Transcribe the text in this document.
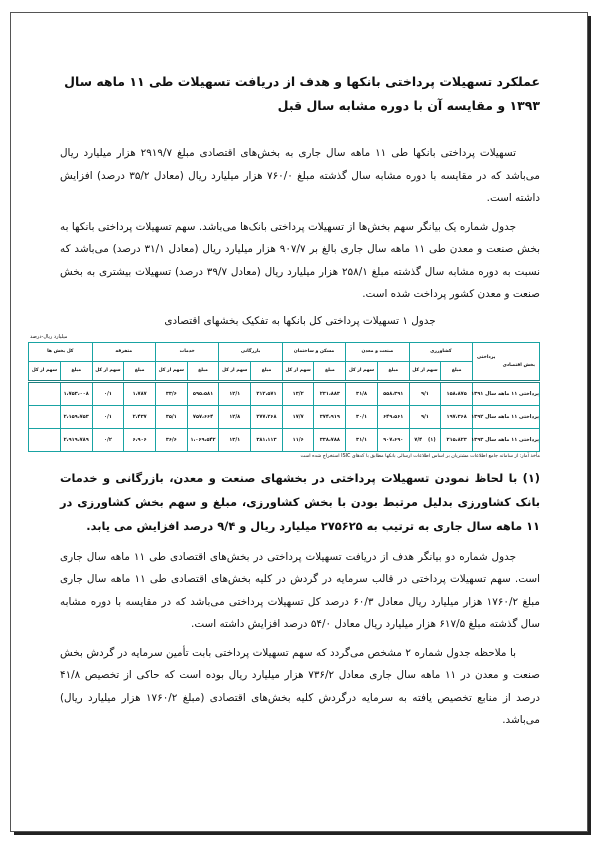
عملکرد تسهیلات پرداختی بانکها و هدف از دریافت تسهیلات طی ۱۱ ماهه سال ۱۳۹۳ و مقایسه آن با دوره مشابه سال قبل

تسهیلات پرداختی بانکها طی ۱۱ ماهه سال جاری به بخش‌های اقتصادی مبلغ ۲۹۱۹/۷ هزار میلیارد ریال می‌باشد که در مقایسه با دوره مشابه سال گذشته مبلغ ۷۶۰/۰ هزار میلیارد ریال (معادل ۳۵/۲ درصد) افزایش داشته است.

جدول شماره یک بیانگر سهم بخش‌ها از تسهیلات پرداختی بانک‌ها می‌باشد. سهم تسهیلات پرداختی بانکها به بخش صنعت و معدن طی ۱۱ ماهه سال جاری بالغ بر ۹۰۷/۷ هزار میلیارد ریال (معادل ۳۱/۱ درصد) می‌باشد که نسبت به دوره مشابه سال گذشته مبلغ ۲۵۸/۱ هزار میلیارد ریال (معادل ۳۹/۷ درصد) تسهیلات بیشتری به بخش صنعت و معدن کشور پرداخت شده است.

جدول ۱ تسهیلات پرداختی کل بانکها به تفکیک بخشهای اقتصادی

میلیارد ریال-درصد
پرداختی
بخش اقتصادی	کشاورزی		صنعت و معدن		مسکن و ساختمان		بازرگانی		خدمات		متفرقه		کل بخش ها	
	مبلغ	سهم از کل	مبلغ	سهم از کل	مبلغ	سهم از کل	مبلغ	سهم از کل	مبلغ	سهم از کل	مبلغ	سهم از کل	مبلغ	سهم از کل
پرداختی ۱۱ ماهه سال ۱۳۹۱	۱۵۸،۸۷۵	۹/۱	۵۵۸،۳۹۱	۳۱/۸	۲۳۱،۸۸۳	۱۳/۲	۲۱۲،۵۷۱	۱۲/۱	۵۹۵،۵۸۱	۳۳/۶	۱،۷۸۷	۰/۱	۱،۷۵۳،۰۰۸	
پرداختی ۱۱ ماهه سال ۱۳۹۲	۱۹۷،۳۶۸	۹/۱	۶۴۹،۵۶۱	۳۰/۱	۳۷۴،۹۱۹	۱۷/۷	۲۷۷،۲۶۸	۱۲/۸	۷۵۷،۶۶۴	۳۵/۱	۲،۴۳۷	۰/۱	۲،۱۵۹،۷۵۳	
پرداختی ۱۱ ماهه سال ۱۳۹۳	۲۱۵،۸۲۳	(۱) ۷/۴	۹۰۷،۶۹۰	۳۱/۱	۳۳۸،۷۸۸	۱۱/۶	۳۸۱،۱۱۳	۱۳/۱	۱،۰۶۹،۵۴۲	۳۶/۶	۶،۹۰۶	۰/۲	۲،۹۱۹،۷۸۹	
مأخذ آمار: از سامانه جامع اطلاعات مشتریان بر اساس اطلاعات ارسالی بانکها مطابق با کدهای ISIC استخراج شده است

(۱) با لحاظ نمودن تسهیلات پرداختی در بخشهای صنعت و معدن، بازرگانی و خدمات بانک کشاورزی بدلیل مرتبط بودن با بخش کشاورزی، مبلغ و سهم بخش کشاورزی در ۱۱ ماهه سال جاری به ترتیب به ۲۷۵۶۲۵ میلیارد ریال و ۹/۴ درصد افزایش می یابد.

جدول شماره دو بیانگر هدف از دریافت تسهیلات پرداختی در بخش‌های اقتصادی طی ۱۱ ماهه سال جاری است. سهم تسهیلات پرداختی در قالب سرمایه در گردش در کلیه بخش‌های اقتصادی طی ۱۱ ماهه سال جاری مبلغ ۱۷۶۰/۲ هزار میلیارد ریال معادل ۶۰/۳ درصد کل تسهیلات پرداختی می‌باشد که در مقایسه با دوره مشابه سال گذشته مبلغ ۶۱۷/۵ هزار میلیارد ریال معادل ۵۴/۰ درصد افزایش داشته است.

با ملاحظه جدول شماره ۲ مشخص می‌گردد که سهم تسهیلات پرداختی بابت تأمین سرمایه در گردش بخش صنعت و معدن در ۱۱ ماهه سال جاری معادل ۷۳۶/۲ هزار میلیارد ریال بوده است که حاکی از تخصیص ۴۱/۸ درصد از منابع تخصیص یافته به سرمایه درگردش کلیه بخش‌های اقتصادی (مبلغ ۱۷۶۰/۲ هزار میلیارد ریال) می‌باشد.
